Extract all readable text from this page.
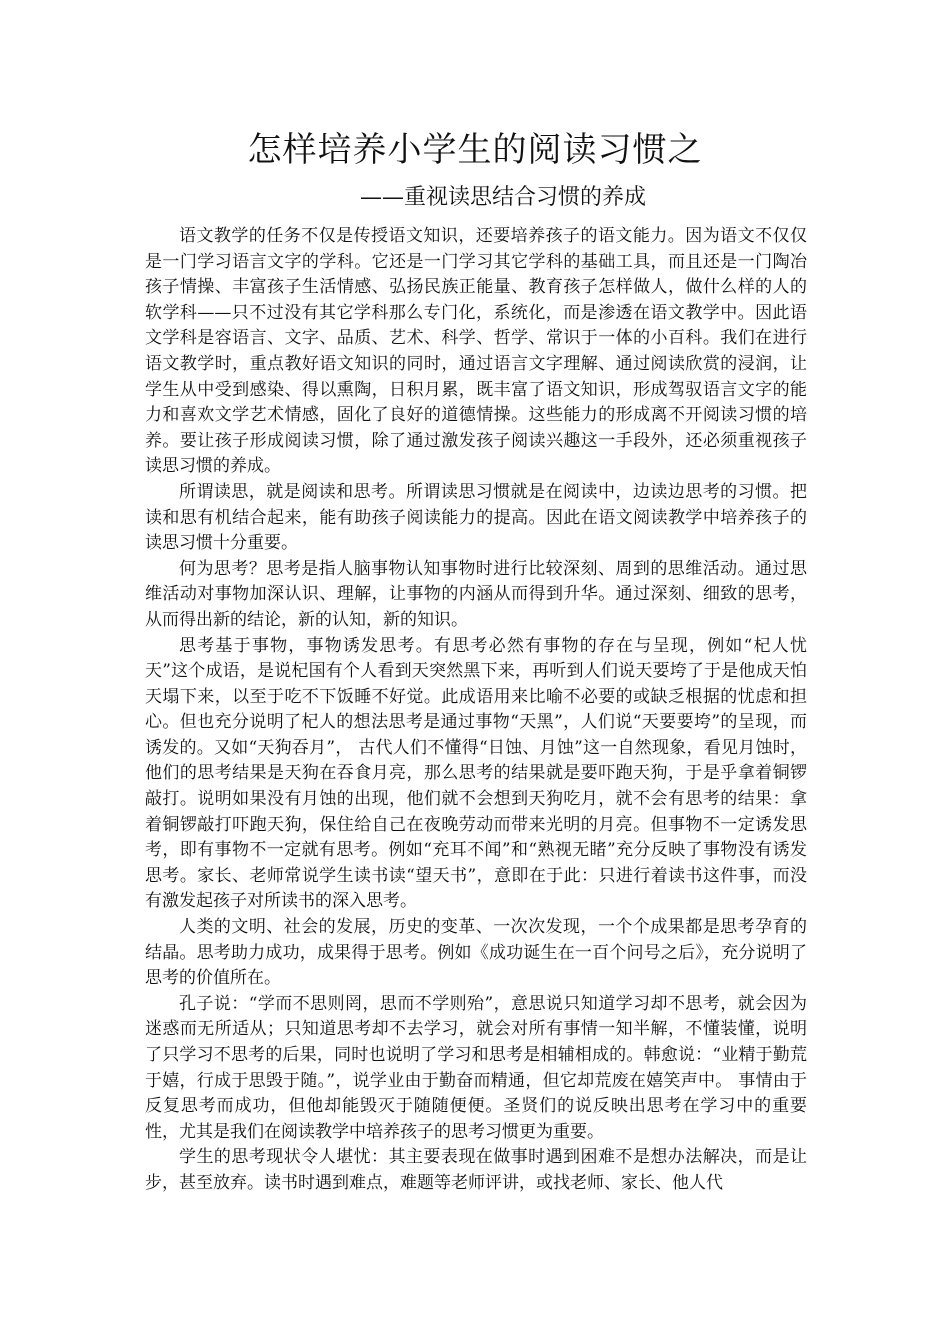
怎样培养小学生的阅读习惯之
——重视读思结合习惯的养成

语文教学的任务不仅是传授语文知识，还要培养孩子的语文能力。因为语文不仅仅是一门学习语言文字的学科。它还是一门学习其它学科的基础工具，而且还是一门陶冶孩子情操、丰富孩子生活情感、弘扬民族正能量、教育孩子怎样做人，做什么样的人的软学科——只不过没有其它学科那么专门化，系统化，而是渗透在语文教学中。因此语文学科是容语言、文字、品质、艺术、科学、哲学、常识于一体的小百科。我们在进行语文教学时，重点教好语文知识的同时，通过语言文字理解、通过阅读欣赏的浸润，让学生从中受到感染、得以熏陶，日积月累，既丰富了语文知识，形成驾驭语言文字的能力和喜欢文学艺术情感，固化了良好的道德情操。这些能力的形成离不开阅读习惯的培养。要让孩子形成阅读习惯，除了通过激发孩子阅读兴趣这一手段外，还必须重视孩子读思习惯的养成。

所谓读思，就是阅读和思考。所谓读思习惯就是在阅读中，边读边思考的习惯。把读和思有机结合起来，能有助孩子阅读能力的提高。因此在语文阅读教学中培养孩子的读思习惯十分重要。

何为思考？思考是指人脑事物认知事物时进行比较深刻、周到的思维活动。通过思维活动对事物加深认识、理解，让事物的内涵从而得到升华。通过深刻、细致的思考，从而得出新的结论，新的认知，新的知识。

思考基于事物，事物诱发思考。有思考必然有事物的存在与呈现，例如“杞人忧天”这个成语，是说杞国有个人看到天突然黑下来，再听到人们说天要垮了于是他成天怕天塌下来，以至于吃不下饭睡不好觉。此成语用来比喻不必要的或缺乏根据的忧虑和担心。但也充分说明了杞人的想法思考是通过事物“天黑”，人们说“天要要垮”的呈现，而诱发的。又如“天狗吞月”， 古代人们不懂得“日蚀、月蚀”这一自然现象，看见月蚀时，他们的思考结果是天狗在吞食月亮，那么思考的结果就是要吓跑天狗，于是乎拿着铜锣敲打。说明如果没有月蚀的出现，他们就不会想到天狗吃月，就不会有思考的结果：拿着铜锣敲打吓跑天狗，保住给自己在夜晚劳动而带来光明的月亮。但事物不一定诱发思考，即有事物不一定就有思考。例如“充耳不闻”和“熟视无睹”充分反映了事物没有诱发思考。家长、老师常说学生读书读“望天书”，意即在于此：只进行着读书这件事，而没有激发起孩子对所读书的深入思考。

人类的文明、社会的发展，历史的变革、一次次发现，一个个成果都是思考孕育的结晶。思考助力成功，成果得于思考。例如《成功诞生在一百个问号之后》，充分说明了思考的价值所在。

孔子说：“学而不思则罔，思而不学则殆”，意思说只知道学习却不思考，就会因为迷惑而无所适从；只知道思考却不去学习，就会对所有事情一知半解，不懂装懂，说明了只学习不思考的后果，同时也说明了学习和思考是相辅相成的。韩愈说：“业精于勤荒于嬉，行成于思毁于随。”，说学业由于勤奋而精通，但它却荒废在嬉笑声中。 事情由于反复思考而成功，但他却能毁灭于随随便便。圣贤们的说反映出思考在学习中的重要性，尤其是我们在阅读教学中培养孩子的思考习惯更为重要。

学生的思考现状令人堪忧：其主要表现在做事时遇到困难不是想办法解决，而是让步，甚至放弃。读书时遇到难点，难题等老师评讲，或找老师、家长、他人代
